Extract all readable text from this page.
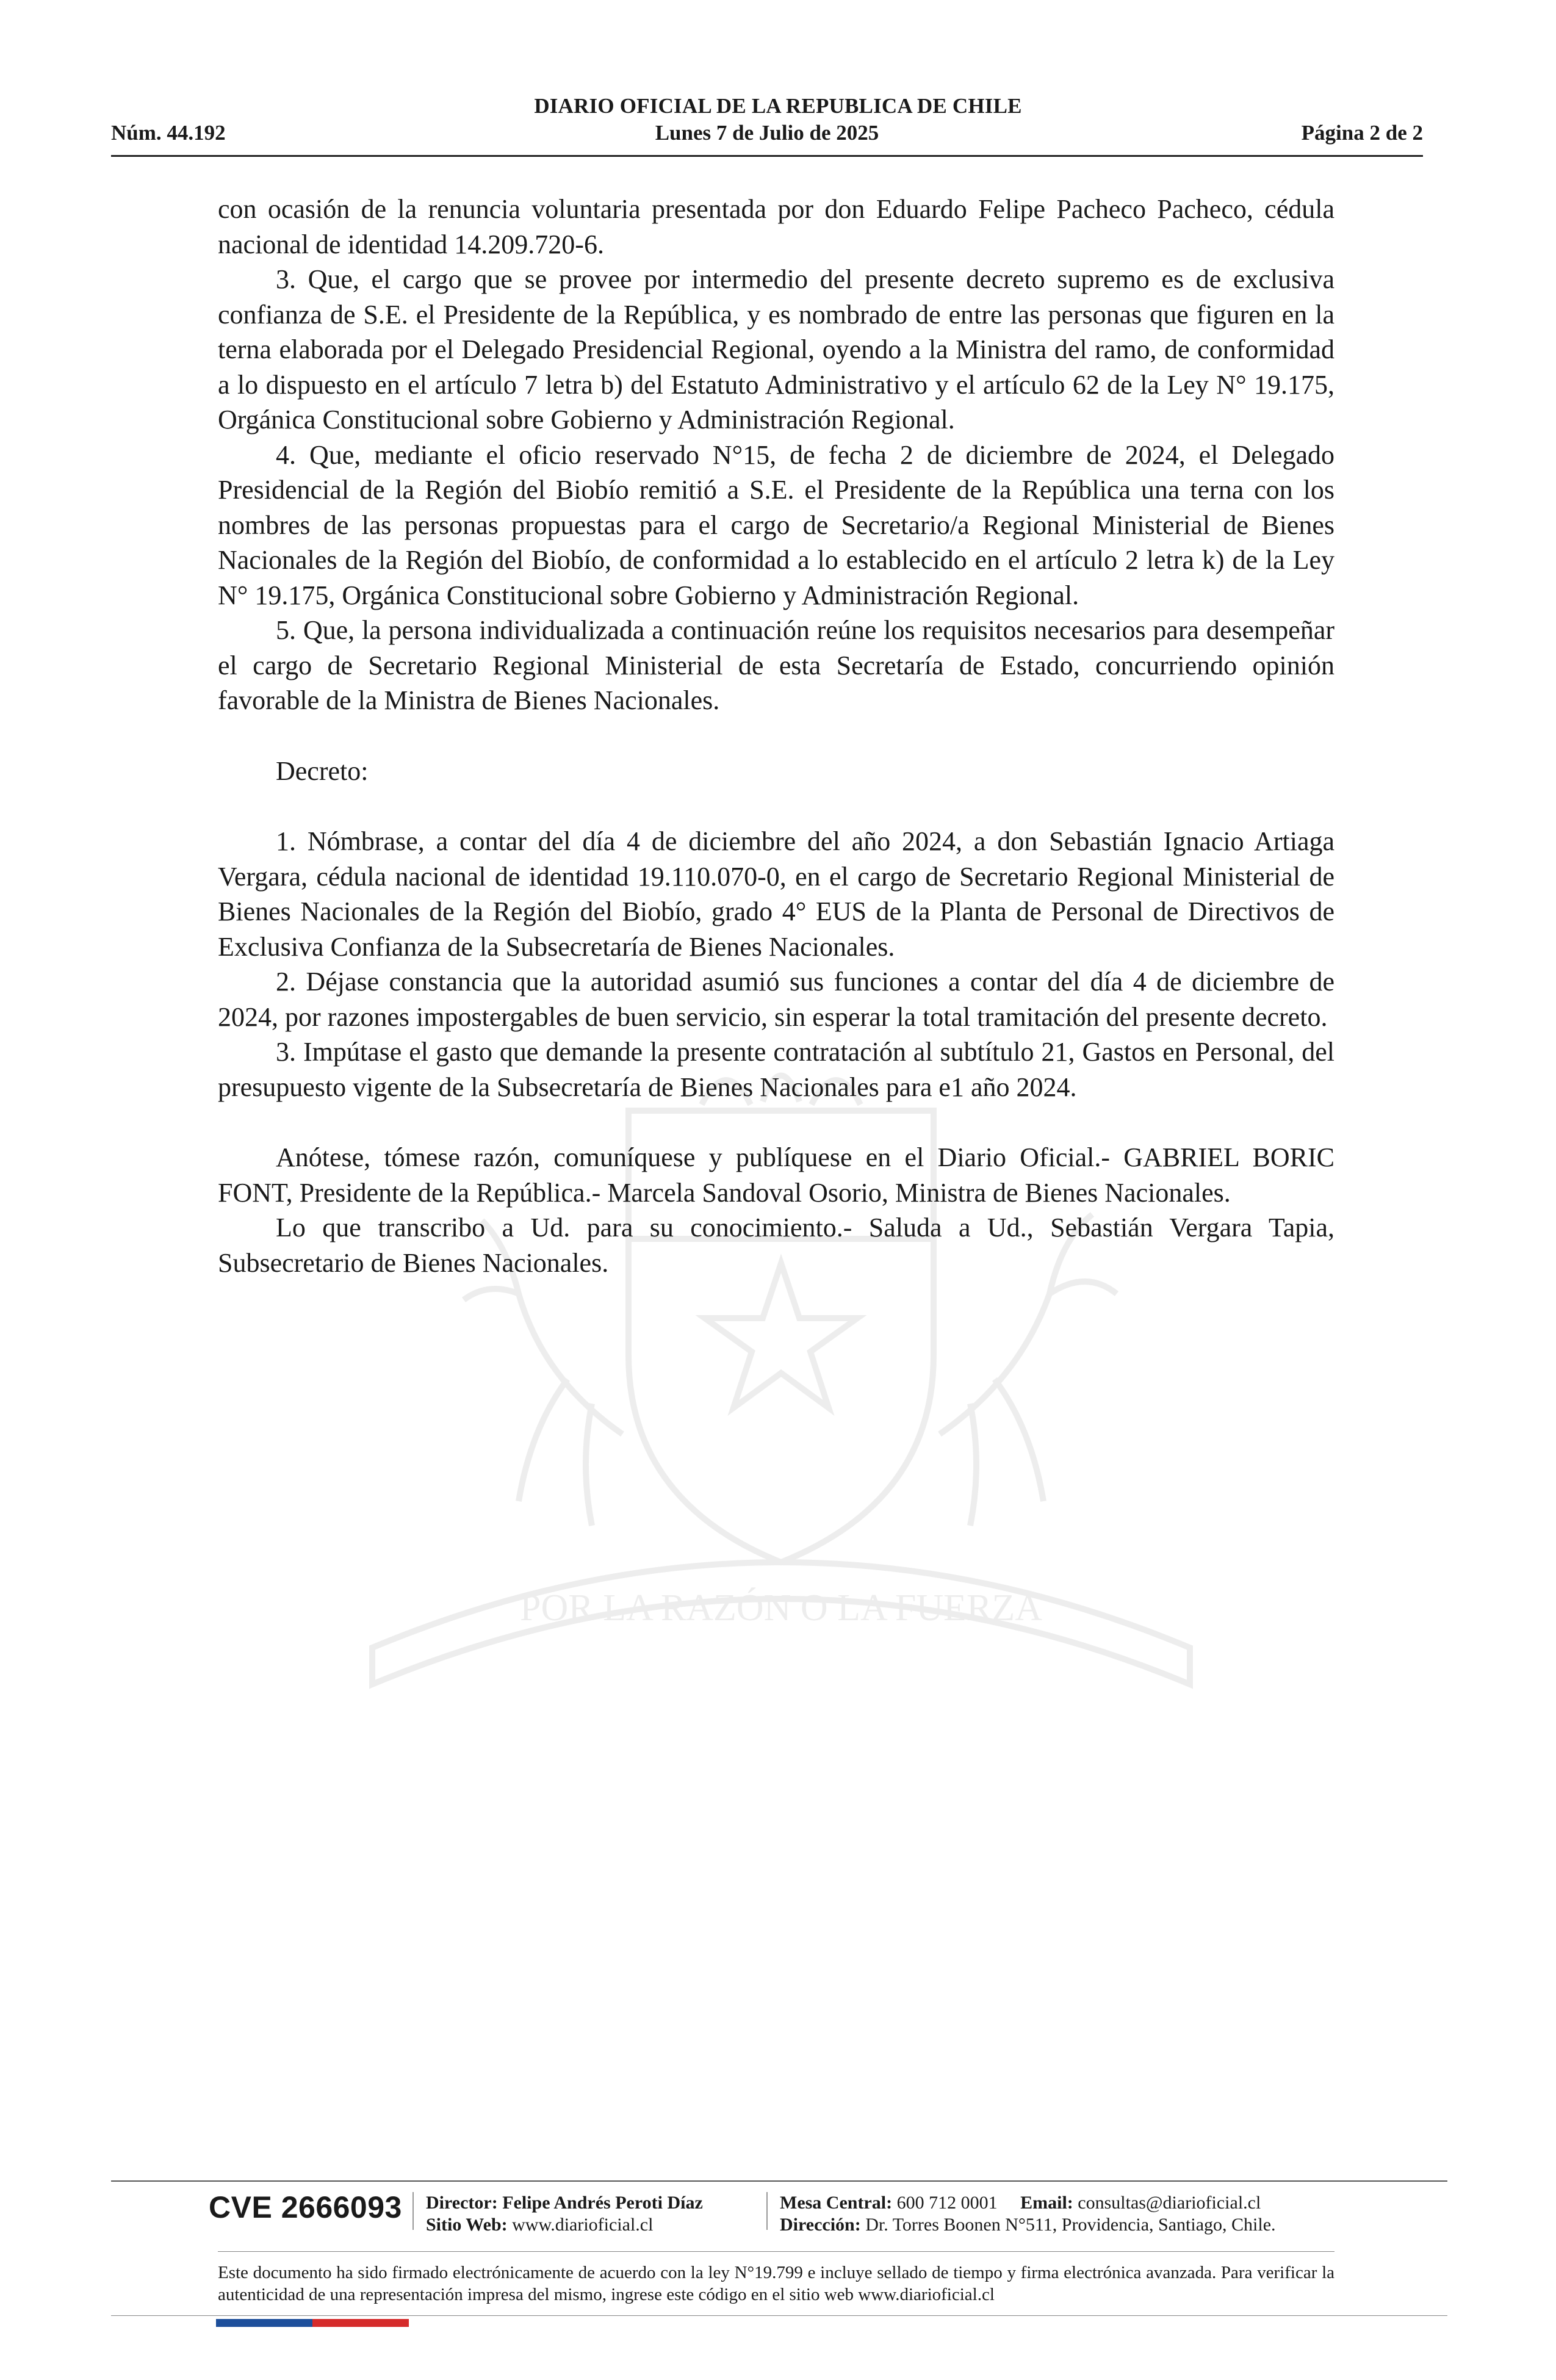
POR LA RAZÓN O LA FUERZA
DIARIO OFICIAL DE LA REPUBLICA DE CHILE
Núm. 44.192	Lunes 7 de Julio de 2025	Página 2 de 2

con ocasión de la renuncia voluntaria presentada por don Eduardo Felipe Pacheco Pacheco, cédula nacional de identidad 14.209.720-6.

3. Que, el cargo que se provee por intermedio del presente decreto supremo es de exclusiva confianza de S.E. el Presidente de la República, y es nombrado de entre las personas que figuren en la terna elaborada por el Delegado Presidencial Regional, oyendo a la Ministra del ramo, de conformidad a lo dispuesto en el artículo 7 letra b) del Estatuto Administrativo y el artículo 62 de la Ley N° 19.175, Orgánica Constitucional sobre Gobierno y Administración Regional.

4. Que, mediante el oficio reservado N°15, de fecha 2 de diciembre de 2024, el Delegado Presidencial de la Región del Biobío remitió a S.E. el Presidente de la República una terna con los nombres de las personas propuestas para el cargo de Secretario/a Regional Ministerial de Bienes Nacionales de la Región del Biobío, de conformidad a lo establecido en el artículo 2 letra k) de la Ley N° 19.175, Orgánica Constitucional sobre Gobierno y Administración Regional.

5. Que, la persona individualizada a continuación reúne los requisitos necesarios para desempeñar el cargo de Secretario Regional Ministerial de esta Secretaría de Estado, concurriendo opinión favorable de la Ministra de Bienes Nacionales.

Decreto:

1. Nómbrase, a contar del día 4 de diciembre del año 2024, a don Sebastián Ignacio Artiaga Vergara, cédula nacional de identidad 19.110.070-0, en el cargo de Secretario Regional Ministerial de Bienes Nacionales de la Región del Biobío, grado 4° EUS de la Planta de Personal de Directivos de Exclusiva Confianza de la Subsecretaría de Bienes Nacionales.

2. Déjase constancia que la autoridad asumió sus funciones a contar del día 4 de diciembre de 2024, por razones impostergables de buen servicio, sin esperar la total tramitación del presente decreto.

3. Impútase el gasto que demande la presente contratación al subtítulo 21, Gastos en Personal, del presupuesto vigente de la Subsecretaría de Bienes Nacionales para e1 año 2024.

Anótese, tómese razón, comuníquese y publíquese en el Diario Oficial.- GABRIEL BORIC FONT, Presidente de la República.- Marcela Sandoval Osorio, Ministra de Bienes Nacionales.

Lo que transcribo a Ud. para su conocimiento.- Saluda a Ud., Sebastián Vergara Tapia, Subsecretario de Bienes Nacionales.

CVE 2666093 Director: Felipe Andrés Peroti Díaz
Sitio Web: www.diarioficial.cl
Mesa Central: 600 712 0001 Email: consultas@diarioficial.cl
Dirección: Dr. Torres Boonen N°511, Providencia, Santiago, Chile.
Este documento ha sido firmado electrónicamente de acuerdo con la ley N°19.799 e incluye sellado de tiempo y firma electrónica avanzada. Para verificar la autenticidad de una representación impresa del mismo, ingrese este código en el sitio web www.diarioficial.cl
